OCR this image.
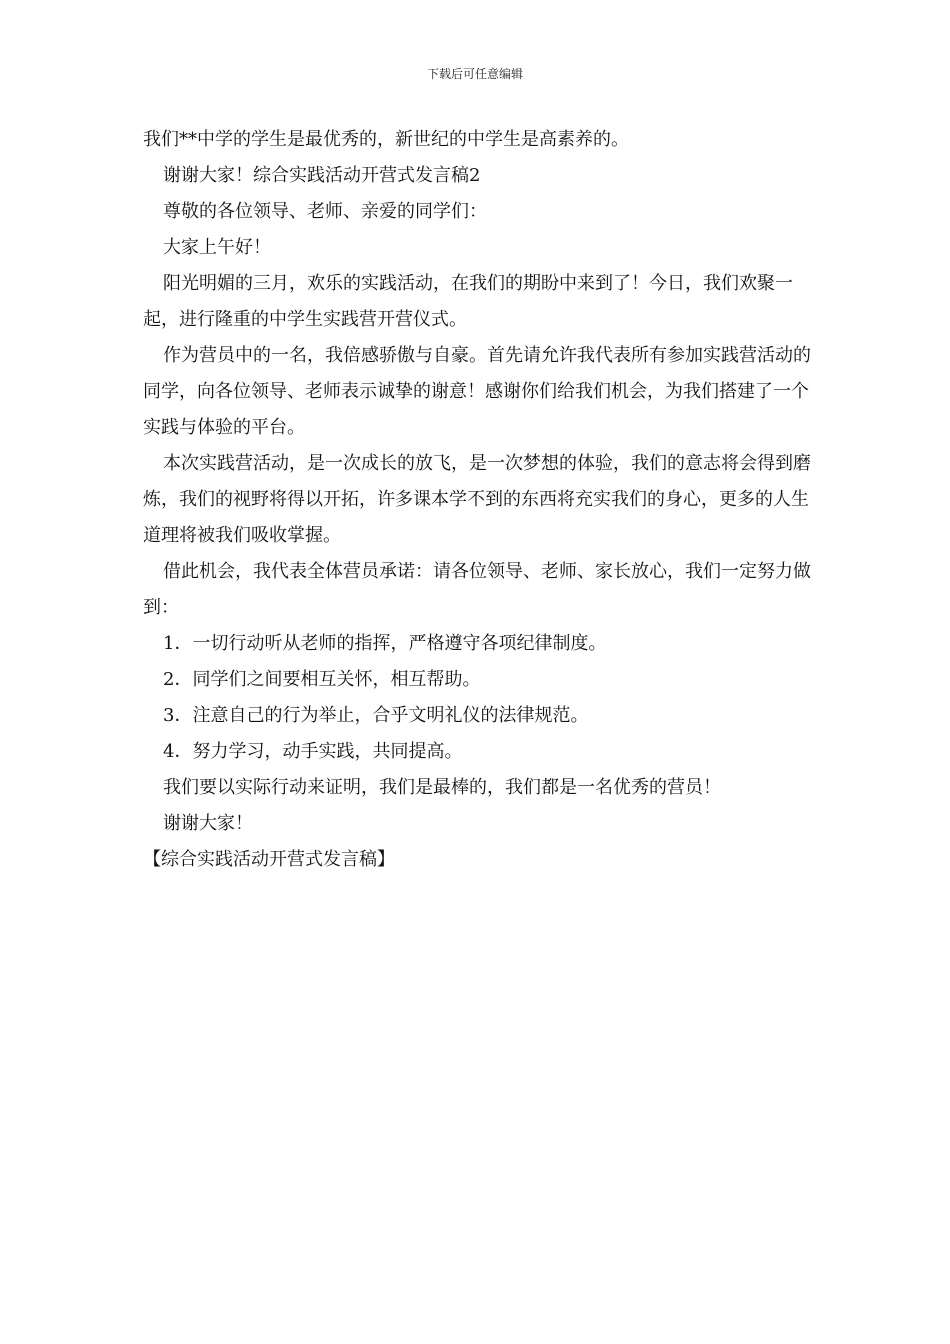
下载后可任意编辑

我们**中学的学生是最优秀的，新世纪的中学生是高素养的。

谢谢大家！综合实践活动开营式发言稿2

尊敬的各位领导、老师、亲爱的同学们：

大家上午好！

阳光明媚的三月，欢乐的实践活动，在我们的期盼中来到了！今日，我们欢聚一起，进行隆重的中学生实践营开营仪式。

作为营员中的一名，我倍感骄傲与自豪。首先请允许我代表所有参加实践营活动的同学，向各位领导、老师表示诚挚的谢意！感谢你们给我们机会，为我们搭建了一个实践与体验的平台。

本次实践营活动，是一次成长的放飞，是一次梦想的体验，我们的意志将会得到磨炼，我们的视野将得以开拓，许多课本学不到的东西将充实我们的身心，更多的人生道理将被我们吸收掌握。

借此机会，我代表全体营员承诺：请各位领导、老师、家长放心，我们一定努力做到：

1．一切行动听从老师的指挥，严格遵守各项纪律制度。

2．同学们之间要相互关怀，相互帮助。

3．注意自己的行为举止，合乎文明礼仪的法律规范。

4．努力学习，动手实践，共同提高。

我们要以实际行动来证明，我们是最棒的，我们都是一名优秀的营员！

谢谢大家！

【综合实践活动开营式发言稿】
